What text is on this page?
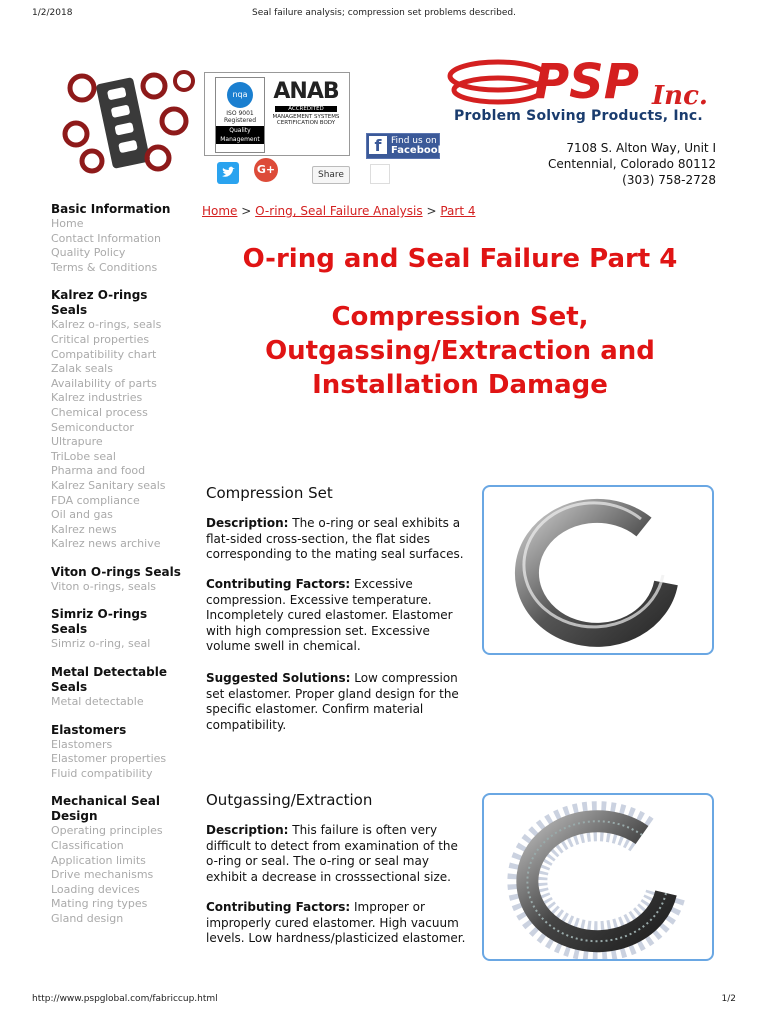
1/2/2018	Seal failure analysis; compression set problems described.
nqa
ISO 9001
Registered
Quality
Management
ANAB
ACCREDITED
MANAGEMENT SYSTEMS CERTIFICATION BODY
f	Find us on
Facebook
G+	Share
PSP Inc.
Problem Solving Products, Inc.
7108 S. Alton Way, Unit I
Centennial, Colorado 80112
(303) 758-2728
Basic Information
Home
Contact Information
Quality Policy
Terms & Conditions
Kalrez O-rings Seals
Kalrez o-rings, seals
Critical properties
Compatibility chart
Zalak seals
Availability of parts
Kalrez industries
Chemical process
Semiconductor
Ultrapure
TriLobe seal
Pharma and food
Kalrez Sanitary seals
FDA compliance
Oil and gas
Kalrez news
Kalrez news archive
Viton O-rings Seals
Viton o-rings, seals
Simriz O-rings Seals
Simriz o-ring, seal
Metal Detectable Seals
Metal detectable
Elastomers
Elastomers
Elastomer properties
Fluid compatibility
Mechanical Seal Design
Operating principles
Classification
Application limits
Drive mechanisms
Loading devices
Mating ring types
Gland design
Home > O-ring, Seal Failure Analysis > Part 4
O-ring and Seal Failure Part 4
Compression Set, Outgassing/Extraction and Installation Damage
Compression Set
Description: The o-ring or seal exhibits a flat-sided cross-section, the flat sides corresponding to the mating seal surfaces.
Contributing Factors: Excessive compression. Excessive temperature. Incompletely cured elastomer. Elastomer with high compression set. Excessive volume swell in chemical.
Suggested Solutions: Low compression set elastomer. Proper gland design for the specific elastomer. Confirm material compatibility.
Outgassing/Extraction
Description: This failure is often very difficult to detect from examination of the o-ring or seal. The o-ring or seal may exhibit a decrease in crosssectional size.
Contributing Factors: Improper or improperly cured elastomer. High vacuum levels. Low hardness/plasticized elastomer.
http://www.pspglobal.com/fabriccup.html	1/2
